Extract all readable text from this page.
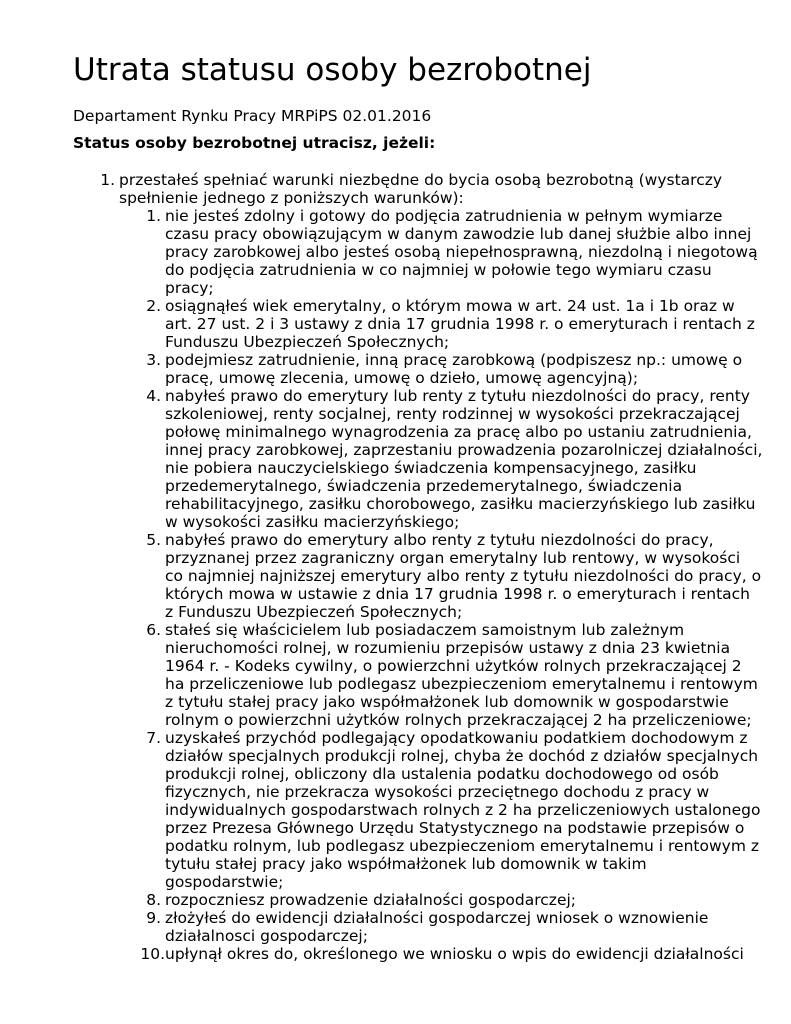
Utrata statusu osoby bezrobotnej

Departament Rynku Pracy MRPiPS 02.01.2016

Status osoby bezrobotnej utracisz, jeżeli:

1. przestałeś spełniać warunki niezbędne do bycia osobą bezrobotną (wystarczy spełnienie jednego z poniższych warunków):
1. nie jesteś zdolny i gotowy do podjęcia zatrudnienia w pełnym wymiarze czasu pracy obowiązującym w danym zawodzie lub danej służbie albo innej pracy zarobkowej albo jesteś osobą niepełnosprawną, niezdolną i niegotową do podjęcia zatrudnienia w co najmniej w połowie tego wymiaru czasu pracy;
2. osiągnąłeś wiek emerytalny, o którym mowa w art. 24 ust. 1a i 1b oraz w art. 27 ust. 2 i 3 ustawy z dnia 17 grudnia 1998 r. o emeryturach i rentach z Funduszu Ubezpieczeń Społecznych;
3. podejmiesz zatrudnienie, inną pracę zarobkową (podpiszesz np.: umowę o pracę, umowę zlecenia, umowę o dzieło, umowę agencyjną);
4. nabyłeś prawo do emerytury lub renty z tytułu niezdolności do pracy, renty szkoleniowej, renty socjalnej, renty rodzinnej w wysokości przekraczającej połowę minimalnego wynagrodzenia za pracę albo po ustaniu zatrudnienia, innej pracy zarobkowej, zaprzestaniu prowadzenia pozarolniczej działalności, nie pobiera nauczycielskiego świadczenia kompensacyjnego, zasiłku przedemerytalnego, świadczenia przedemerytalnego, świadczenia rehabilitacyjnego, zasiłku chorobowego, zasiłku macierzyńskiego lub zasiłku w wysokości zasiłku macierzyńskiego;
5. nabyłeś prawo do emerytury albo renty z tytułu niezdolności do pracy, przyznanej przez zagraniczny organ emerytalny lub rentowy, w wysokości co najmniej najniższej emerytury albo renty z tytułu niezdolności do pracy, o których mowa w ustawie z dnia 17 grudnia 1998 r. o emeryturach i rentach z Funduszu Ubezpieczeń Społecznych;
6. stałeś się właścicielem lub posiadaczem samoistnym lub zależnym nieruchomości rolnej, w rozumieniu przepisów ustawy z dnia 23 kwietnia 1964 r. - Kodeks cywilny, o powierzchni użytków rolnych przekraczającej 2 ha przeliczeniowe lub podlegasz ubezpieczeniom emerytalnemu i rentowym z tytułu stałej pracy jako współmałżonek lub domownik w gospodarstwie rolnym o powierzchni użytków rolnych przekraczającej 2 ha przeliczeniowe;
7. uzyskałeś przychód podlegający opodatkowaniu podatkiem dochodowym z działów specjalnych produkcji rolnej, chyba że dochód z działów specjalnych produkcji rolnej, obliczony dla ustalenia podatku dochodowego od osób fizycznych, nie przekracza wysokości przeciętnego dochodu z pracy w indywidualnych gospodarstwach rolnych z 2 ha przeliczeniowych ustalonego przez Prezesa Głównego Urzędu Statystycznego na podstawie przepisów o podatku rolnym, lub podlegasz ubezpieczeniom emerytalnemu i rentowym z tytułu stałej pracy jako współmałżonek lub domownik w takim gospodarstwie;
8. rozpoczniesz prowadzenie działalności gospodarczej;
9. złożyłeś do ewidencji działalności gospodarczej wniosek o wznowienie działalnosci gospodarczej;
10. upłynął okres do, określonego we wniosku o wpis do ewidencji działalności
